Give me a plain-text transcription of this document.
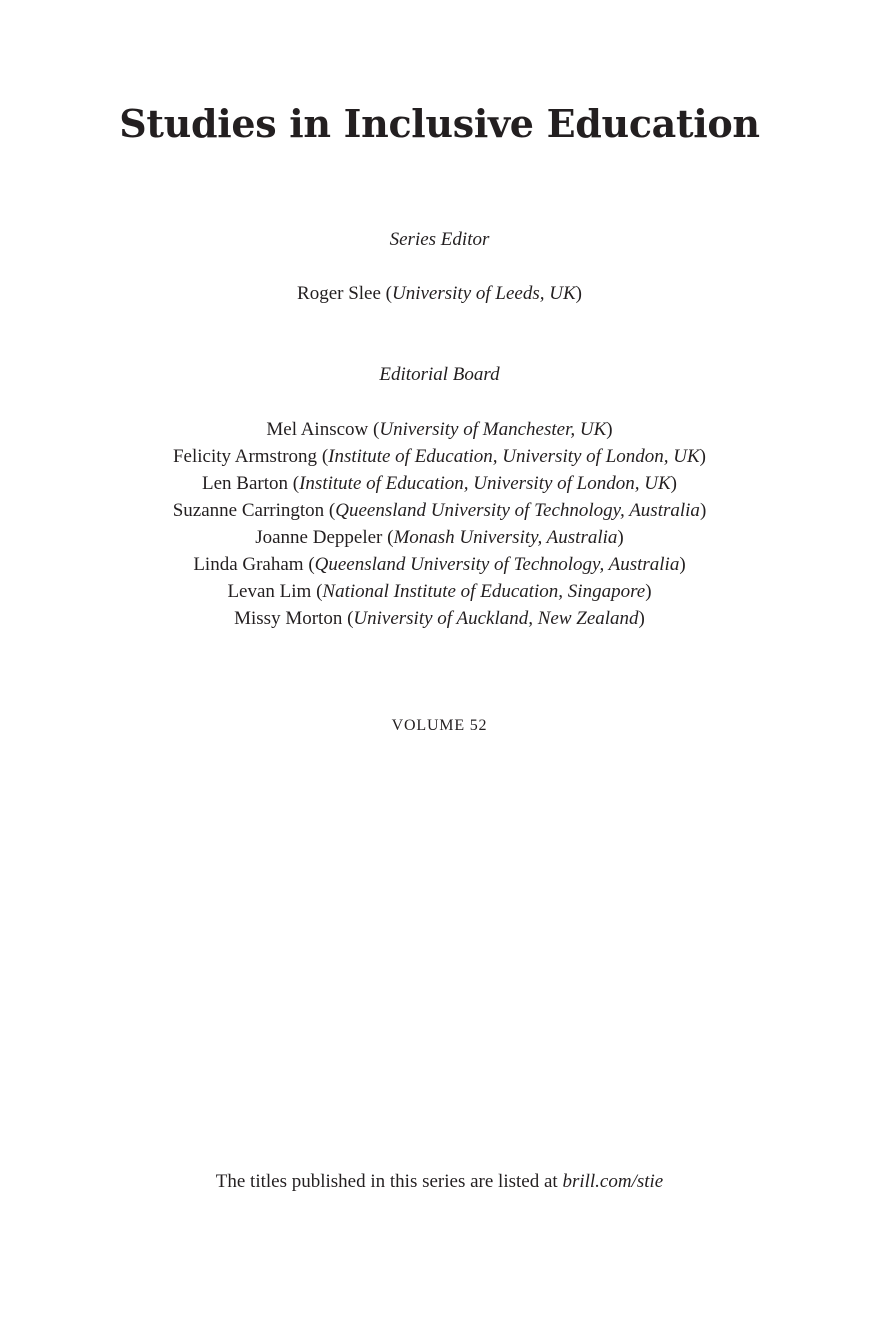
Studies in Inclusive Education
Series Editor
Roger Slee (University of Leeds, UK)
Editorial Board
Mel Ainscow (University of Manchester, UK)
Felicity Armstrong (Institute of Education, University of London, UK)
Len Barton (Institute of Education, University of London, UK)
Suzanne Carrington (Queensland University of Technology, Australia)
Joanne Deppeler (Monash University, Australia)
Linda Graham (Queensland University of Technology, Australia)
Levan Lim (National Institute of Education, Singapore)
Missy Morton (University of Auckland, New Zealand)
VOLUME 52
The titles published in this series are listed at brill.com/stie
